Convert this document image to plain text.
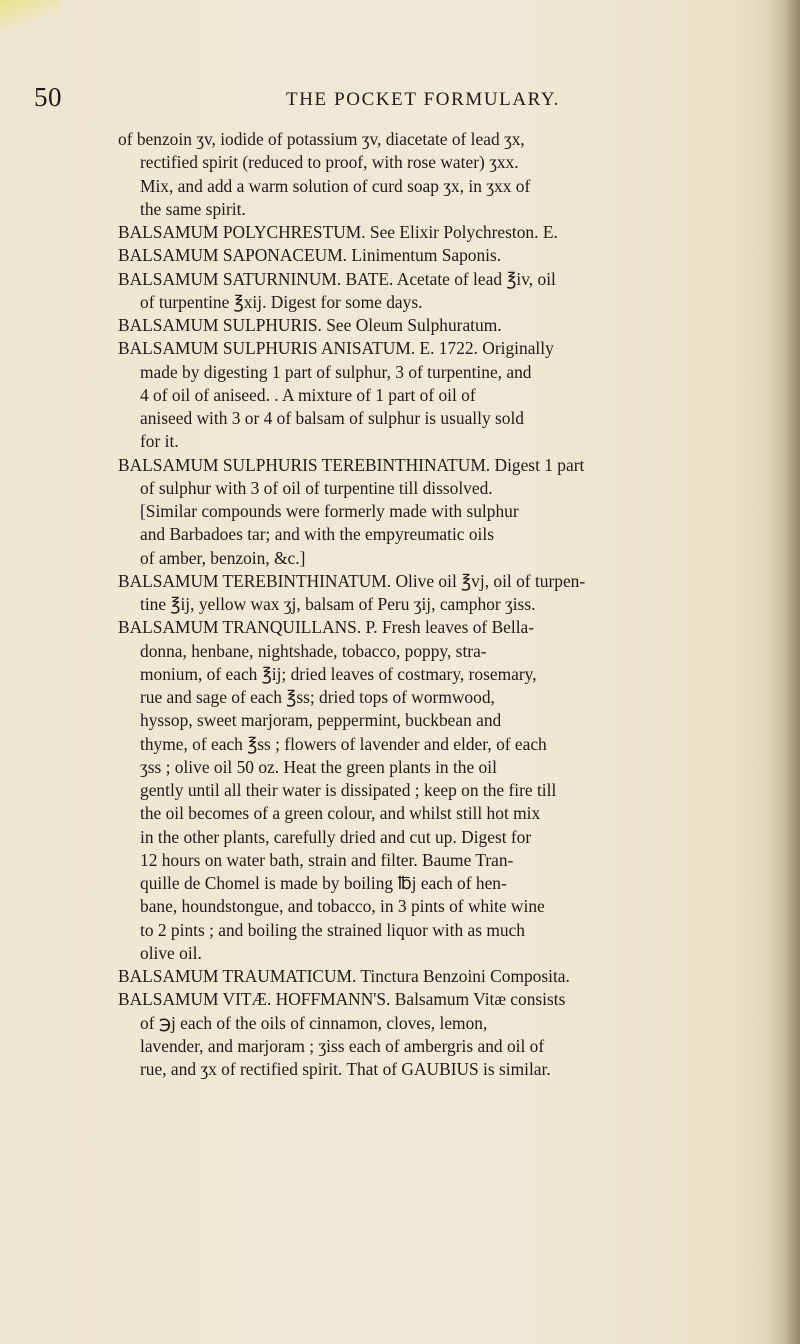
50	THE POCKET FORMULARY.
of benzoin ʒv, iodide of potassium ʒv, diacetate of lead ʒx,
rectified spirit (reduced to proof, with rose water) ʒxx.
Mix, and add a warm solution of curd soap ʒx, in ʒxx of
the same spirit.
BALSAMUM POLYCHRESTUM. See Elixir Polychreston. E.
BALSAMUM SAPONACEUM. Linimentum Saponis.
BALSAMUM SATURNINUM. BATE. Acetate of lead ℥iv, oil
of turpentine ℥xij. Digest for some days.
BALSAMUM SULPHURIS. See Oleum Sulphuratum.
BALSAMUM SULPHURIS ANISATUM. E. 1722. Originally
made by digesting 1 part of sulphur, 3 of turpentine, and
4 of oil of aniseed. . A mixture of 1 part of oil of
aniseed with 3 or 4 of balsam of sulphur is usually sold
for it.
BALSAMUM SULPHURIS TEREBINTHINATUM. Digest 1 part
of sulphur with 3 of oil of turpentine till dissolved.
[Similar compounds were formerly made with sulphur
and Barbadoes tar; and with the empyreumatic oils
of amber, benzoin, &c.]
BALSAMUM TEREBINTHINATUM. Olive oil ℥vj, oil of turpen-
tine ℥ij, yellow wax ʒj, balsam of Peru ʒij, camphor ʒiss.
BALSAMUM TRANQUILLANS. P. Fresh leaves of Bella-
donna, henbane, nightshade, tobacco, poppy, stra-
monium, of each ℥ij; dried leaves of costmary, rosemary,
rue and sage of each ℥ss; dried tops of wormwood,
hyssop, sweet marjoram, peppermint, buckbean and
thyme, of each ℥ss ; flowers of lavender and elder, of each
ʒss ; olive oil 50 oz. Heat the green plants in the oil
gently until all their water is dissipated ; keep on the fire till
the oil becomes of a green colour, and whilst still hot mix
in the other plants, carefully dried and cut up. Digest for
12 hours on water bath, strain and filter. Baume Tran-
quille de Chomel is made by boiling ℔j each of hen-
bane, houndstongue, and tobacco, in 3 pints of white wine
to 2 pints ; and boiling the strained liquor with as much
olive oil.
BALSAMUM TRAUMATICUM. Tinctura Benzoini Composita.
BALSAMUM VITÆ. HOFFMANN'S. Balsamum Vitæ consists
of ℈j each of the oils of cinnamon, cloves, lemon,
lavender, and marjoram ; ʒiss each of ambergris and oil of
rue, and ʒx of rectified spirit. That of GAUBIUS is similar.
